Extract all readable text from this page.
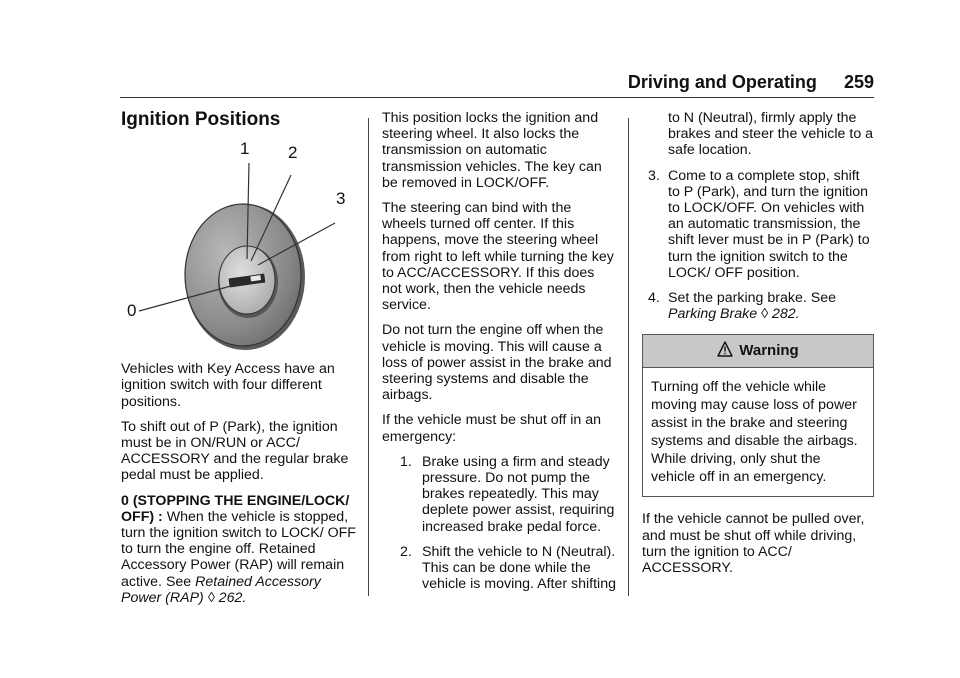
Driving and Operating 259
Ignition Positions
0
1 2
3

Vehicles with Key Access have an ignition switch with four different positions.

To shift out of P (Park), the ignition must be in ON/RUN or ACC/ ACCESSORY and the regular brake pedal must be applied.

0 (STOPPING THE ENGINE/LOCK/ OFF) : When the vehicle is stopped, turn the ignition switch to LOCK/ OFF to turn the engine off. Retained Accessory Power (RAP) will remain active. See Retained Accessory Power (RAP) ◊ 262.

This position locks the ignition and steering wheel. It also locks the transmission on automatic transmission vehicles. The key can be removed in LOCK/OFF.

The steering can bind with the wheels turned off center. If this happens, move the steering wheel from right to left while turning the key to ACC/ACCESSORY. If this does not work, then the vehicle needs service.

Do not turn the engine off when the vehicle is moving. This will cause a loss of power assist in the brake and steering systems and disable the airbags.

If the vehicle must be shut off in an emergency:

1. Brake using a firm and steady pressure. Do not pump the brakes repeatedly. This may deplete power assist, requiring increased brake pedal force.
2. Shift the vehicle to N (Neutral). This can be done while the vehicle is moving. After shifting
to N (Neutral), firmly apply the brakes and steer the vehicle to a safe location.
3. Come to a complete stop, shift to P (Park), and turn the ignition to LOCK/OFF. On vehicles with an automatic transmission, the shift lever must be in P (Park) to turn the ignition switch to the LOCK/ OFF position.
4. Set the parking brake. See Parking Brake ◊ 282.
Warning
Turning off the vehicle while moving may cause loss of power assist in the brake and steering systems and disable the airbags. While driving, only shut the vehicle off in an emergency.

If the vehicle cannot be pulled over, and must be shut off while driving, turn the ignition to ACC/ ACCESSORY.
